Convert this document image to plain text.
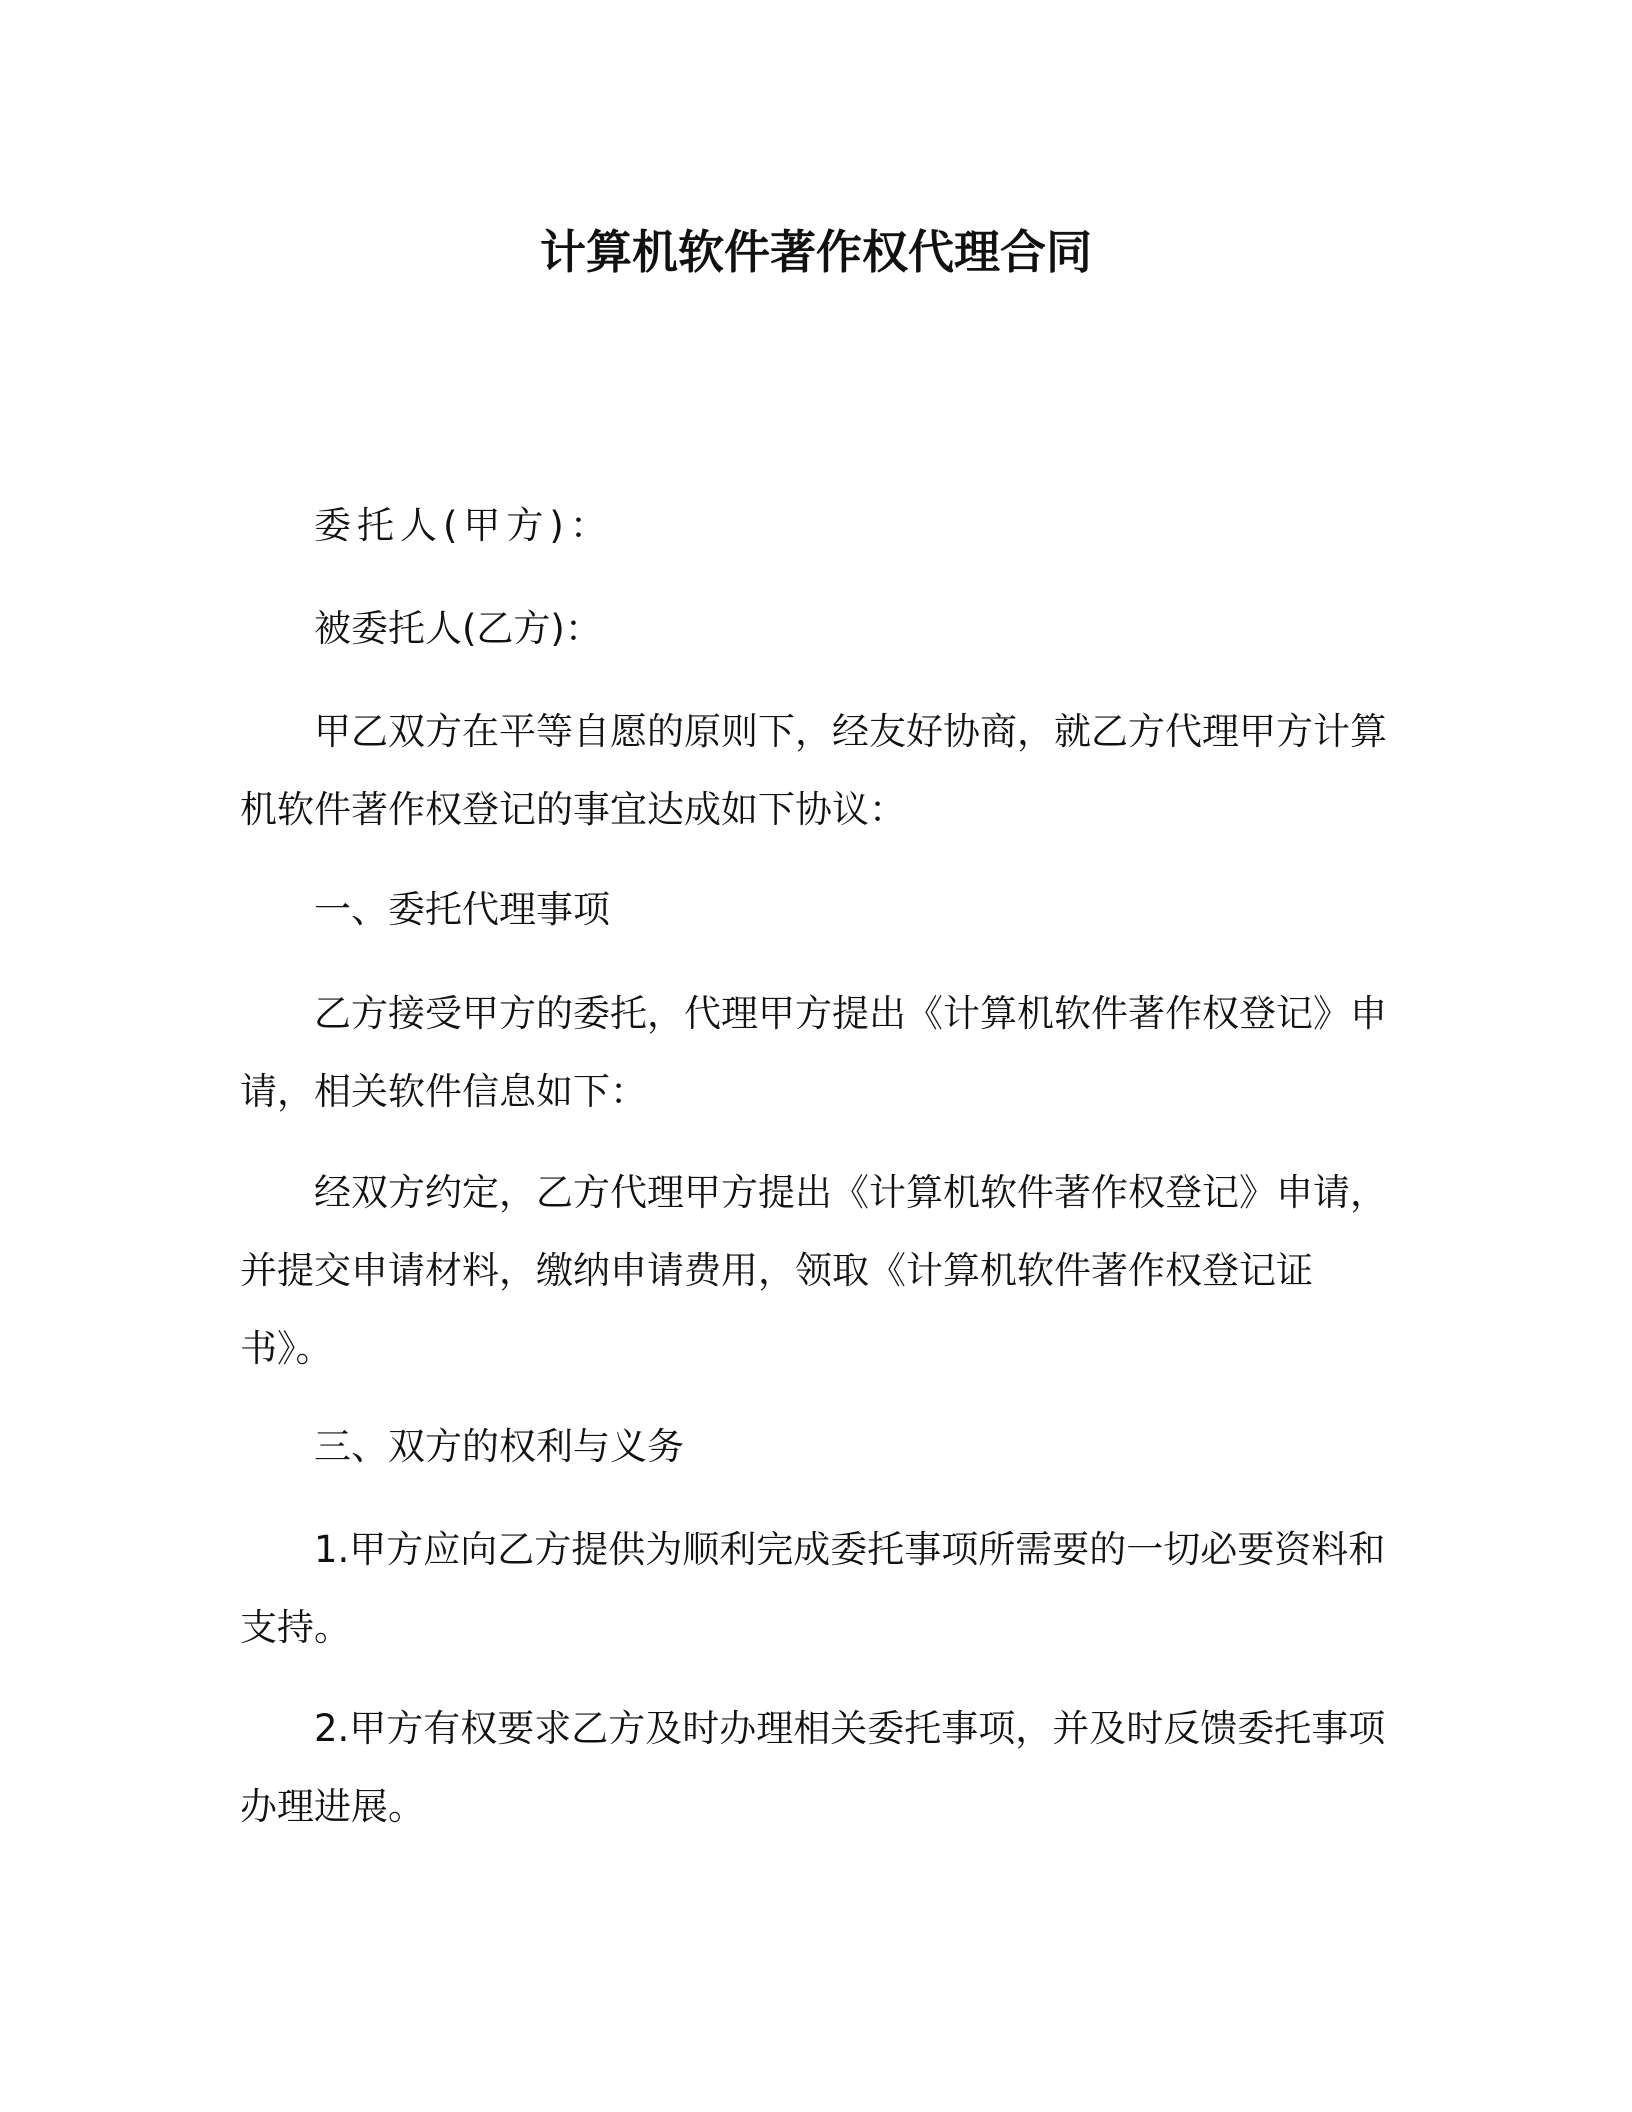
计算机软件著作权代理合同
委托人(甲方)：
被委托人(乙方)：
甲乙双方在平等自愿的原则下，经友好协商，就乙方代理甲方计算机软件著作权登记的事宜达成如下协议：
一、委托代理事项
乙方接受甲方的委托，代理甲方提出《计算机软件著作权登记》申请，相关软件信息如下：
经双方约定，乙方代理甲方提出《计算机软件著作权登记》申请，并提交申请材料，缴纳申请费用，领取《计算机软件著作权登记证书》。
三、双方的权利与义务
1.甲方应向乙方提供为顺利完成委托事项所需要的一切必要资料和支持。
2.甲方有权要求乙方及时办理相关委托事项，并及时反馈委托事项办理进展。
